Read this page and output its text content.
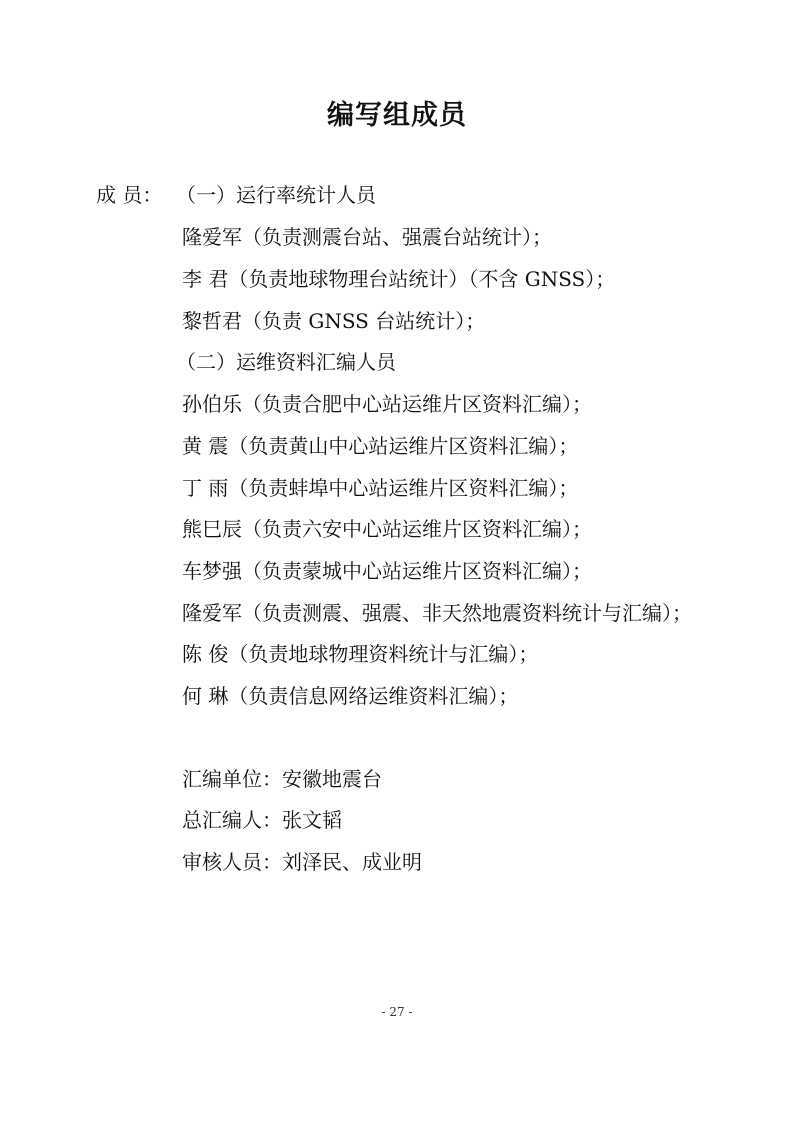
编写组成员
成 员： （一）运行率统计人员
隆爱军（负责测震台站、强震台站统计）；
李 君（负责地球物理台站统计）（不含 GNSS）；
黎哲君（负责 GNSS 台站统计）；
（二）运维资料汇编人员
孙伯乐（负责合肥中心站运维片区资料汇编）；
黄 震（负责黄山中心站运维片区资料汇编）；
丁 雨（负责蚌埠中心站运维片区资料汇编）；
熊巳辰（负责六安中心站运维片区资料汇编）；
车梦强（负责蒙城中心站运维片区资料汇编）；
隆爱军（负责测震、强震、非天然地震资料统计与汇编）；
陈 俊（负责地球物理资料统计与汇编）；
何 琳（负责信息网络运维资料汇编）；
汇编单位：安徽地震台
总汇编人：张文韬
审核人员：刘泽民、成业明
- 27 -
